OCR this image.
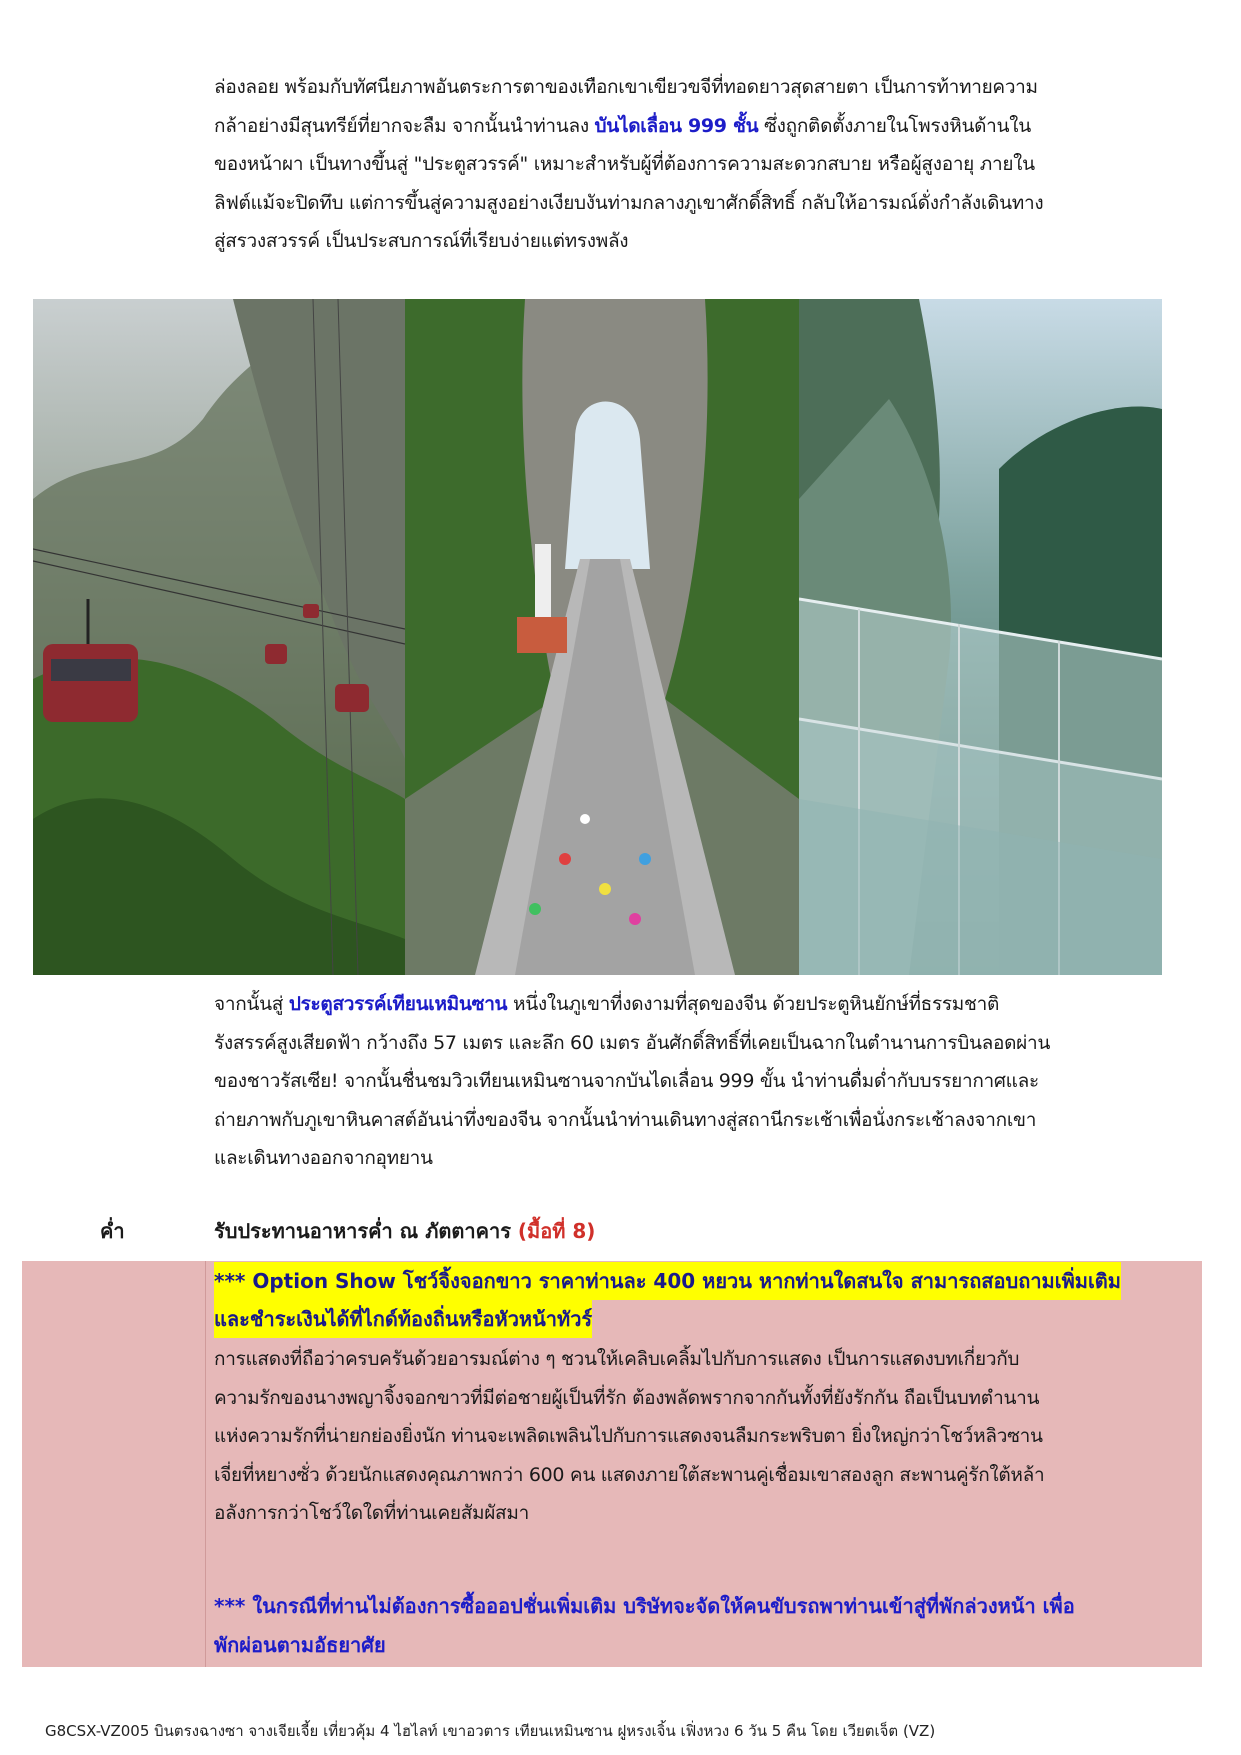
ล่องลอย พร้อมกับทัศนียภาพอันตระการตาของเทือกเขาเขียวขจีที่ทอดยาวสุดสายตา เป็นการท้าทายความ
กล้าอย่างมีสุนทรีย์ที่ยากจะลืม จากนั้นนำท่านลง บันไดเลื่อน 999 ชั้น ซึ่งถูกติดตั้งภายในโพรงหินด้านใน
ของหน้าผา เป็นทางขึ้นสู่ "ประตูสวรรค์" เหมาะสำหรับผู้ที่ต้องการความสะดวกสบาย หรือผู้สูงอายุ ภายใน
ลิฟต์แม้จะปิดทึบ แต่การขึ้นสู่ความสูงอย่างเงียบงันท่ามกลางภูเขาศักดิ์สิทธิ์ กลับให้อารมณ์ดั่งกำลังเดินทาง
สู่สรวงสวรรค์ เป็นประสบการณ์ที่เรียบง่ายแต่ทรงพลัง
จากนั้นสู่ ประตูสวรรค์เทียนเหมินซาน หนึ่งในภูเขาที่งดงามที่สุดของจีน ด้วยประตูหินยักษ์ที่ธรรมชาติ
รังสรรค์สูงเสียดฟ้า กว้างถึง 57 เมตร และลึก 60 เมตร อันศักดิ์สิทธิ์ที่เคยเป็นฉากในตำนานการบินลอดผ่าน
ของชาวรัสเซีย! จากนั้นชื่นชมวิวเทียนเหมินซานจากบันไดเลื่อน 999 ขั้น นำท่านดื่มด่ำกับบรรยากาศและ
ถ่ายภาพกับภูเขาหินคาสต์อันน่าทึ่งของจีน จากนั้นนำท่านเดินทางสู่สถานีกระเช้าเพื่อนั่งกระเช้าลงจากเขา
และเดินทางออกจากอุทยาน
ค่ำ	รับประทานอาหารค่ำ ณ ภัตตาคาร (มื้อที่ 8)
*** Option Show โชว์จิ้งจอกขาว ราคาท่านละ 400 หยวน หากท่านใดสนใจ สามารถสอบถามเพิ่มเติม
และชำระเงินได้ที่ไกด์ท้องถิ่นหรือหัวหน้าทัวร์
การแสดงที่ถือว่าครบครันด้วยอารมณ์ต่าง ๆ ชวนให้เคลิบเคลิ้มไปกับการแสดง เป็นการแสดงบทเกี่ยวกับ
ความรักของนางพญาจิ้งจอกขาวที่มีต่อชายผู้เป็นที่รัก ต้องพลัดพรากจากกันทั้งที่ยังรักกัน ถือเป็นบทตำนาน
แห่งความรักที่น่ายกย่องยิ่งนัก ท่านจะเพลิดเพลินไปกับการแสดงจนลืมกระพริบตา ยิ่งใหญ่กว่าโชว์หลิวซาน
เจี่ยที่หยางซั่ว ด้วยนักแสดงคุณภาพกว่า 600 คน แสดงภายใต้สะพานคู่เชื่อมเขาสองลูก สะพานคู่รักใต้หล้า
อลังการกว่าโชว์ใดใดที่ท่านเคยสัมผัสมา
*** ในกรณีที่ท่านไม่ต้องการซื้อออปชั่นเพิ่มเติม บริษัทจะจัดให้คนขับรถพาท่านเข้าสู่ที่พักล่วงหน้า เพื่อ
พักผ่อนตามอัธยาศัย
G8CSX-VZ005 บินตรงฉางซา จางเจียเจี้ย เที่ยวคุ้ม 4 ไฮไลท์ เขาอวตาร เทียนเหมินซาน ฝูหรงเจิ้น เฟิ่งหวง 6 วัน 5 คืน โดย เวียตเจ็ต (VZ)
